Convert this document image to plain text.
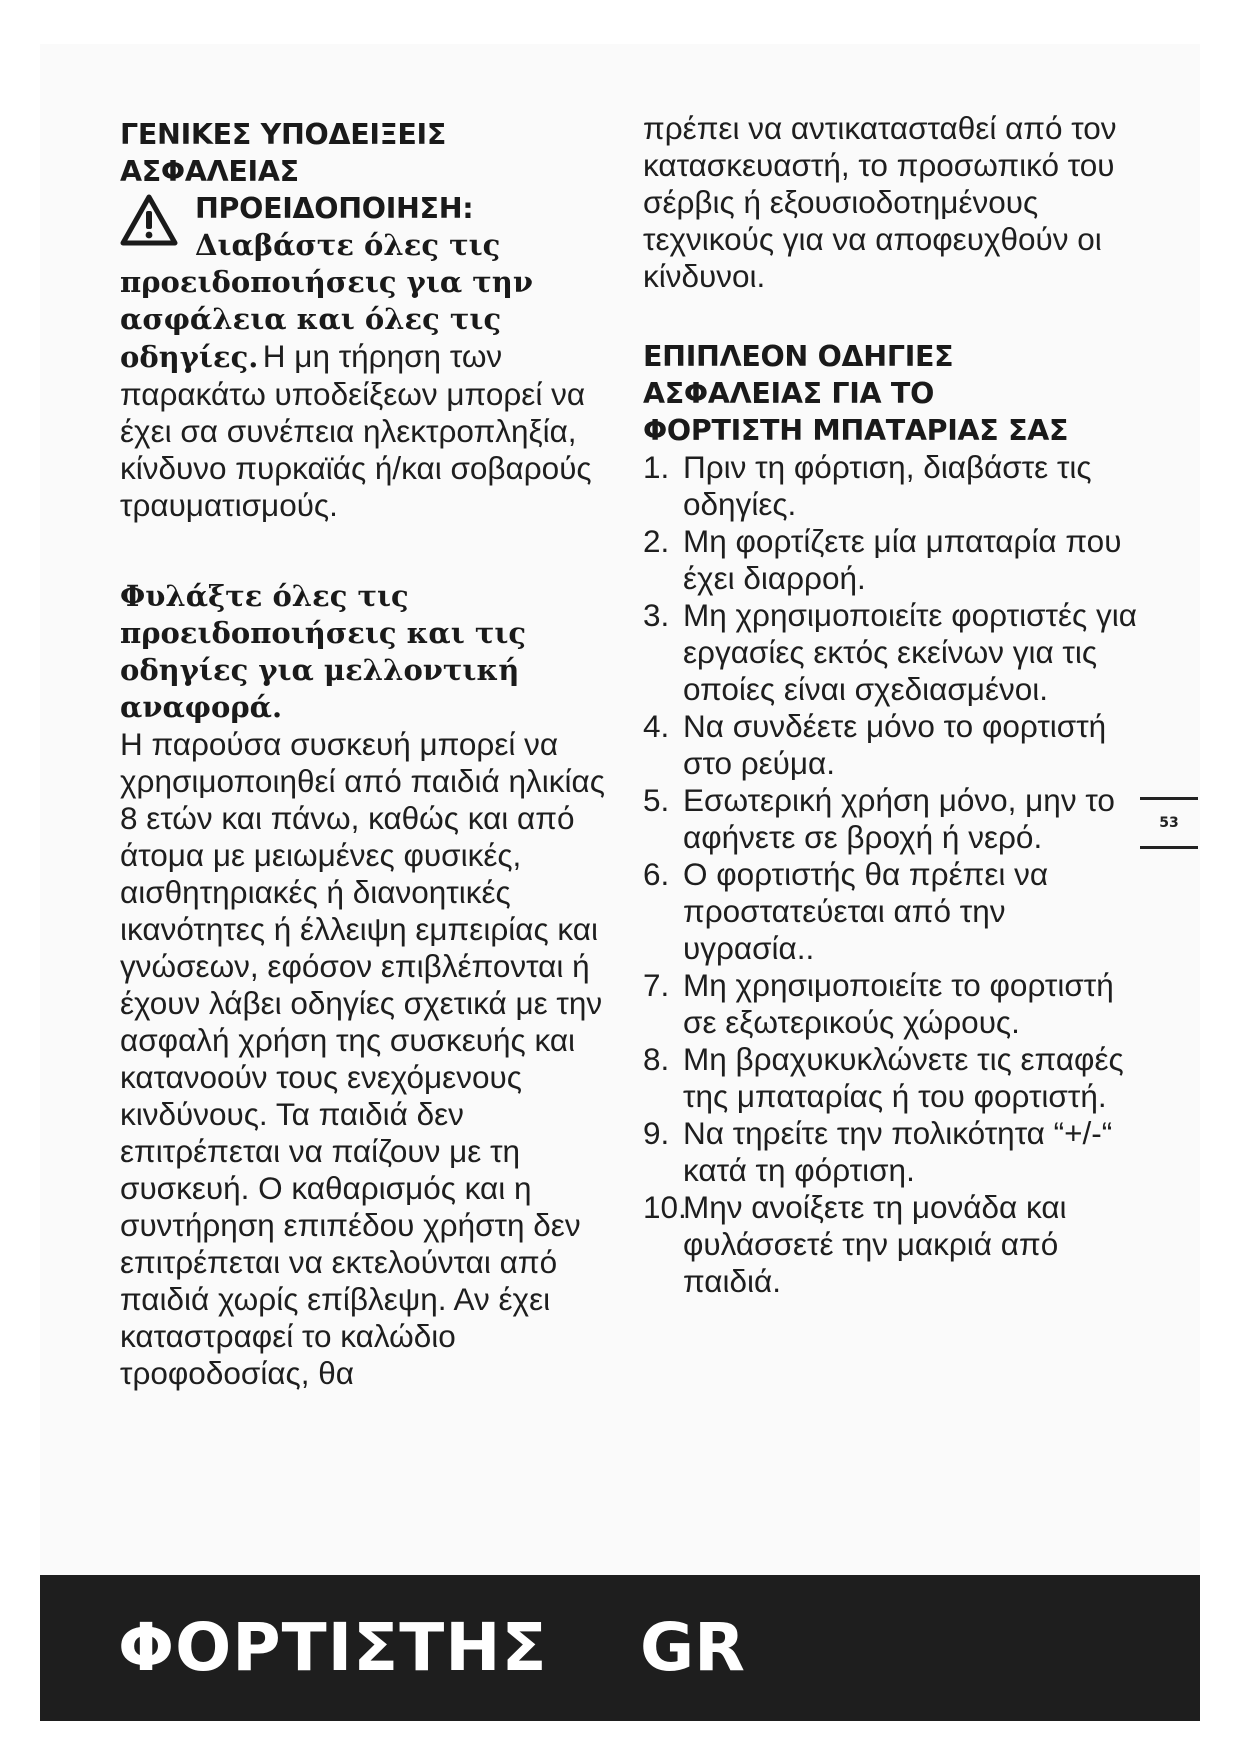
ΓΕΝΙΚΕΣ ΥΠΟΔΕΙΞΕΙΣ
ΑΣΦΑΛΕΙΑΣ
ΠΡΟΕΙΔΟΠΟΙΗΣΗ:

Διαβάστε όλες τις προειδοποιήσεις για την ασφάλεια και όλες τις οδηγίες. Η μη τήρηση των παρακάτω υποδείξεων μπορεί να έχει σα συνέπεια ηλεκτροπληξία, κίνδυνο πυρκαϊάς ή/και σοβαρούς τραυματισμούς.

Φυλάξτε όλες τις προειδοποιήσεις και τις οδηγίες για μελλοντική αναφορά.

Η παρούσα συσκευή μπορεί να χρησιμοποιηθεί από παιδιά ηλικίας 8 ετών και πάνω, καθώς και από άτομα με μειωμένες φυσικές, αισθητηριακές ή διανοητικές ικανότητες ή έλλειψη εμπειρίας και γνώσεων, εφόσον επιβλέπονται ή έχουν λάβει οδηγίες σχετικά με την ασφαλή χρήση της συσκευής και κατανοούν τους ενεχόμενους κινδύνους. Τα παιδιά δεν επιτρέπεται να παίζουν με τη συσκευή. Ο καθαρισμός και η συντήρηση επιπέδου χρήστη δεν επιτρέπεται να εκτελούνται από παιδιά χωρίς επίβλεψη. Αν έχει καταστραφεί το καλώδιο τροφοδοσίας, θα

πρέπει να αντικατασταθεί από τον κατασκευαστή, το προσωπικό του σέρβις ή εξουσιοδοτημένους τεχνικούς για να αποφευχθούν οι κίνδυνοι.

ΕΠΙΠΛΕΟΝ ΟΔΗΓΙΕΣ
ΑΣΦΑΛΕΙΑΣ ΓΙΑ ΤΟ
ΦΟΡΤΙΣΤΗ ΜΠΑΤΑΡΙΑΣ ΣΑΣ
1. Πριν τη φόρτιση, διαβάστε τις οδηγίες.
2. Μη φορτίζετε μία μπαταρία που έχει διαρροή.
3. Μη χρησιμοποιείτε φορτιστές για εργασίες εκτός εκείνων για τις οποίες είναι σχεδιασμένοι.
4. Να συνδέετε μόνο το φορτιστή στο ρεύμα.
5. Εσωτερική χρήση μόνο, μην το αφήνετε σε βροχή ή νερό.
6. Ο φορτιστής θα πρέπει να προστατεύεται από την υγρασία..
7. Μη χρησιμοποιείτε το φορτιστή σε εξωτερικούς χώρους.
8. Μη βραχυκυκλώνετε τις επαφές της μπαταρίας ή του φορτιστή.
9. Να τηρείτε την πολικότητα “+/-“ κατά τη φόρτιση.
10.
Μην ανοίξετε τη μονάδα και φυλάσσετέ την μακριά από παιδιά.
53
ΦΟΡΤΙΣΤΗΣ GR
